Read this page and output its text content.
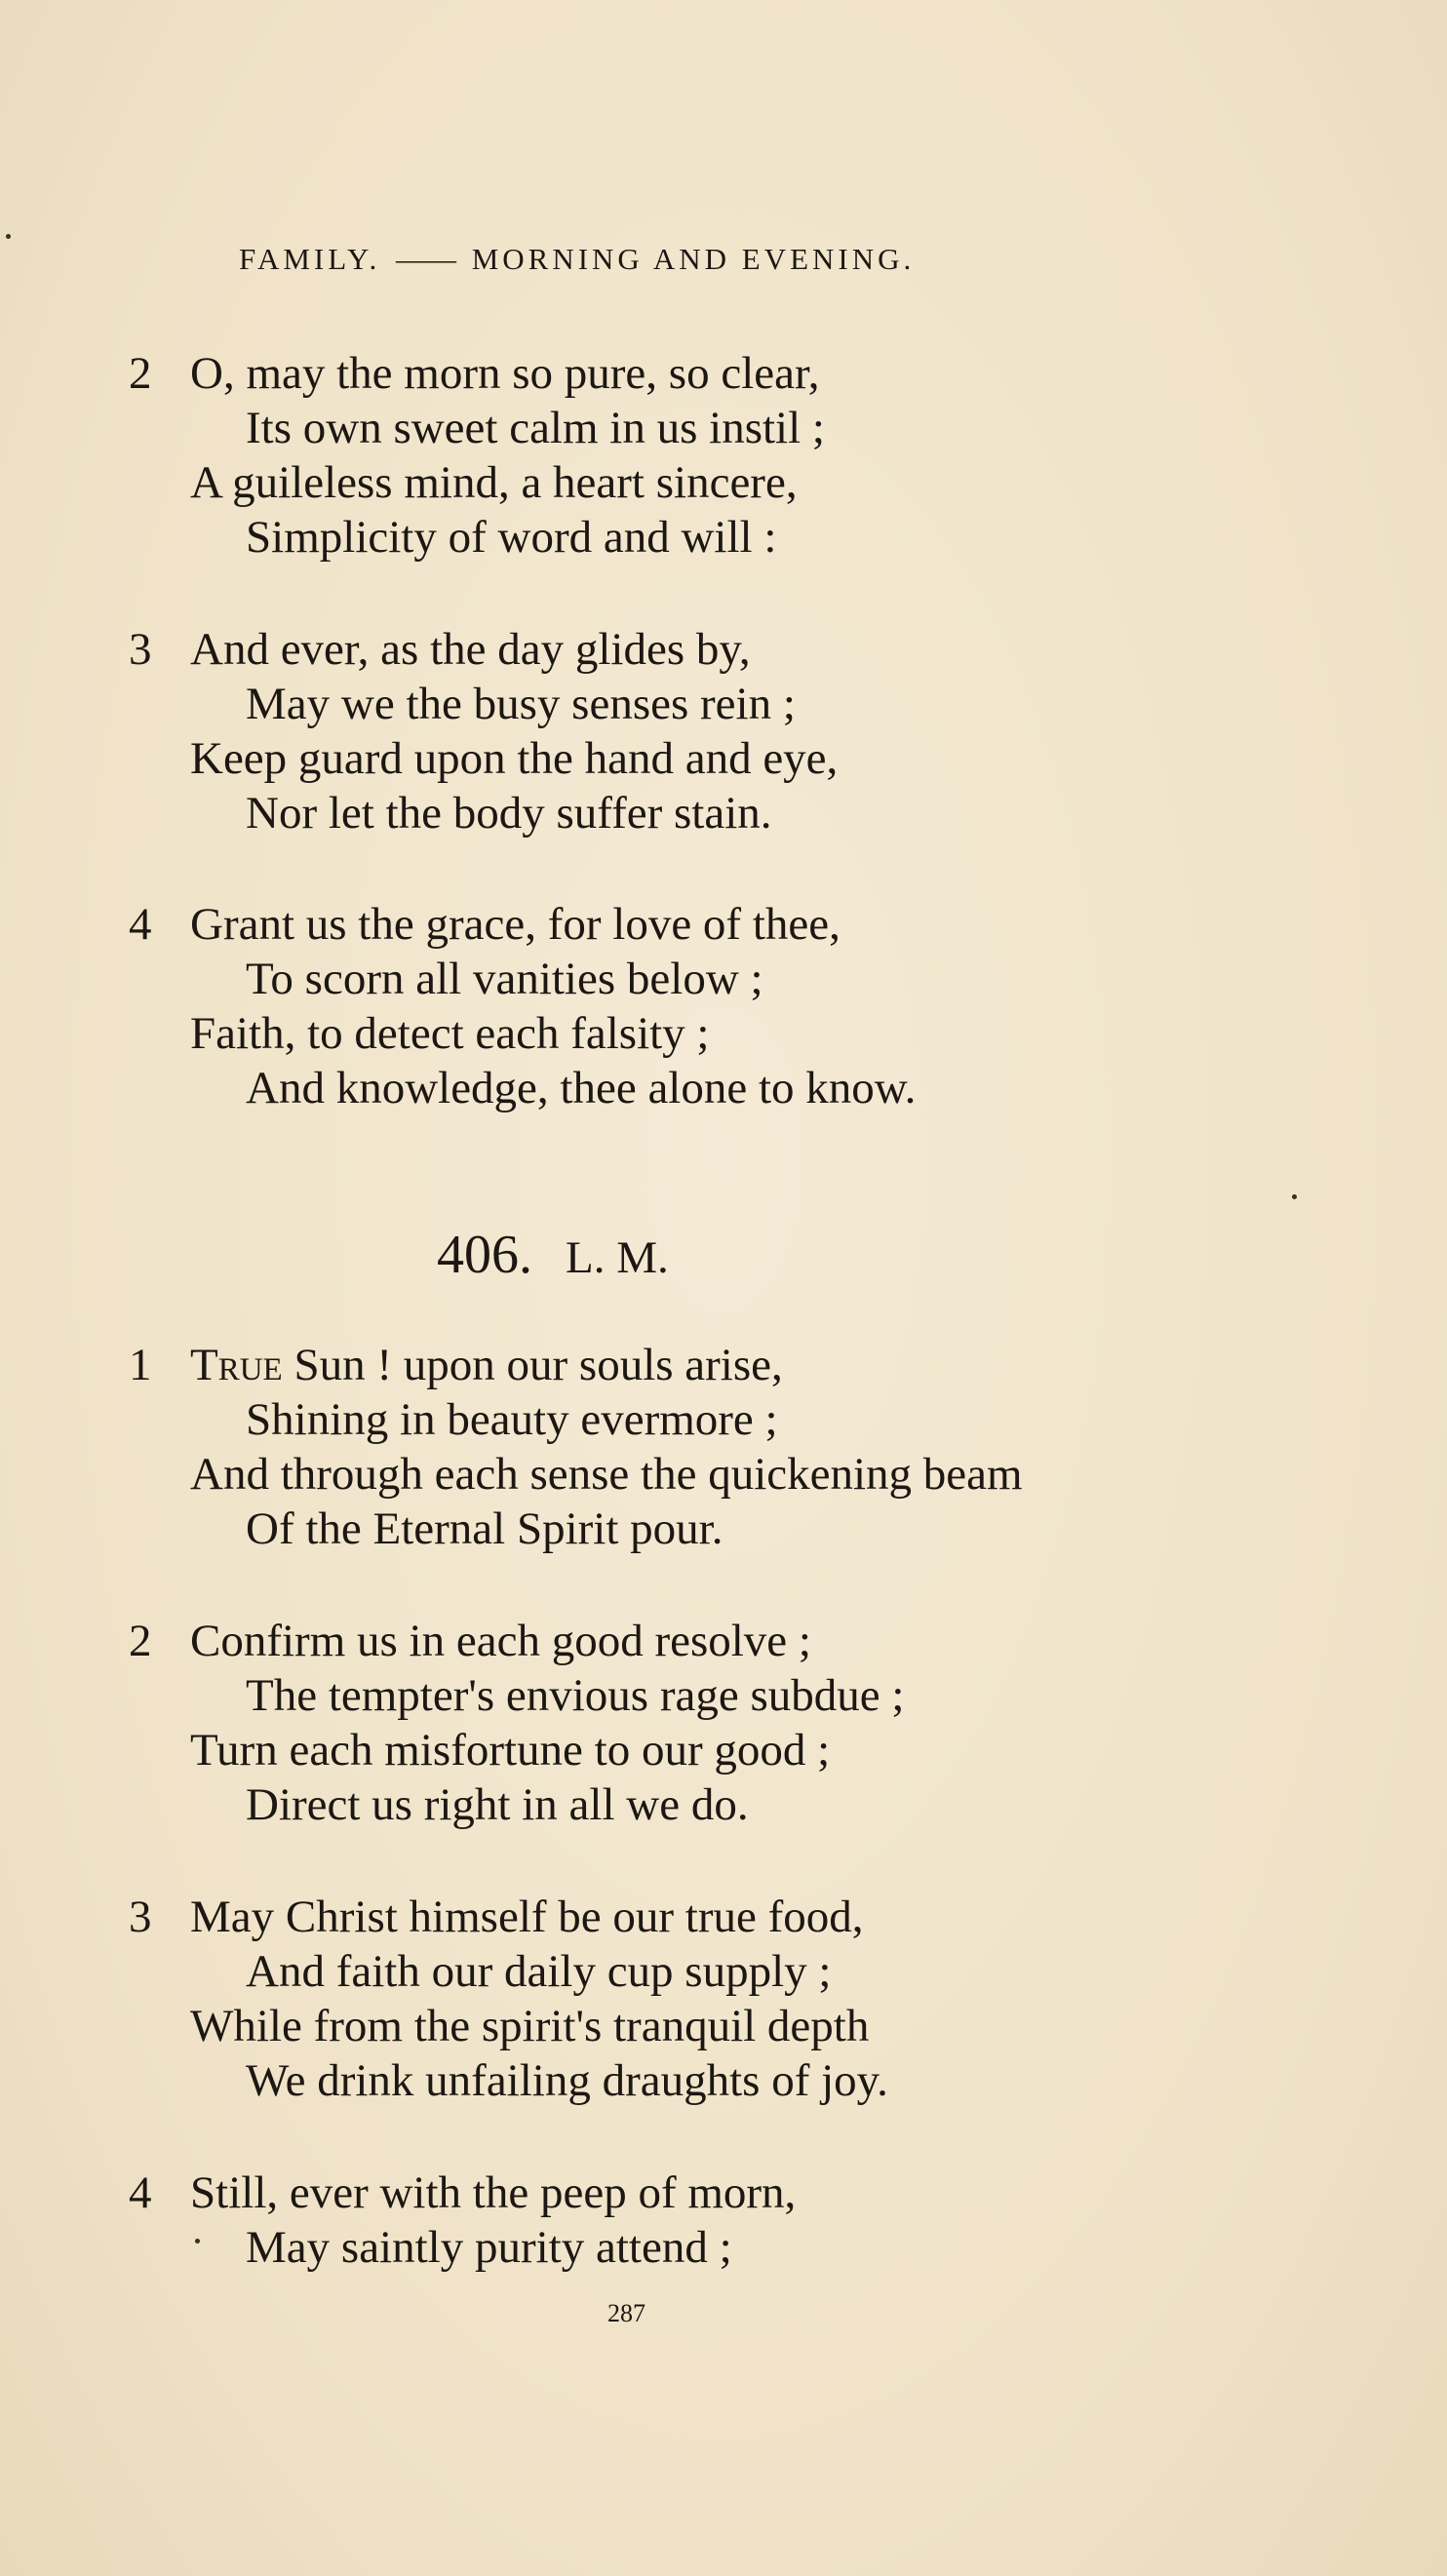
FAMILY. —— MORNING AND EVENING.
2 O, may the morn so pure, so clear,
Its own sweet calm in us instil ;
A guileless mind, a heart sincere,
Simplicity of word and will :
3 And ever, as the day glides by,
May we the busy senses rein ;
Keep guard upon the hand and eye,
Nor let the body suffer stain.
4 Grant us the grace, for love of thee,
To scorn all vanities below ;
Faith, to detect each falsity ;
And knowledge, thee alone to know.
406. L. M.
1 True Sun ! upon our souls arise,
Shining in beauty evermore ;
And through each sense the quickening beam
Of the Eternal Spirit pour.
2 Confirm us in each good resolve ;
The tempter's envious rage subdue ;
Turn each misfortune to our good ;
Direct us right in all we do.
3 May Christ himself be our true food,
And faith our daily cup supply ;
While from the spirit's tranquil depth
We drink unfailing draughts of joy.
4 Still, ever with the peep of morn,
May saintly purity attend ;
287
